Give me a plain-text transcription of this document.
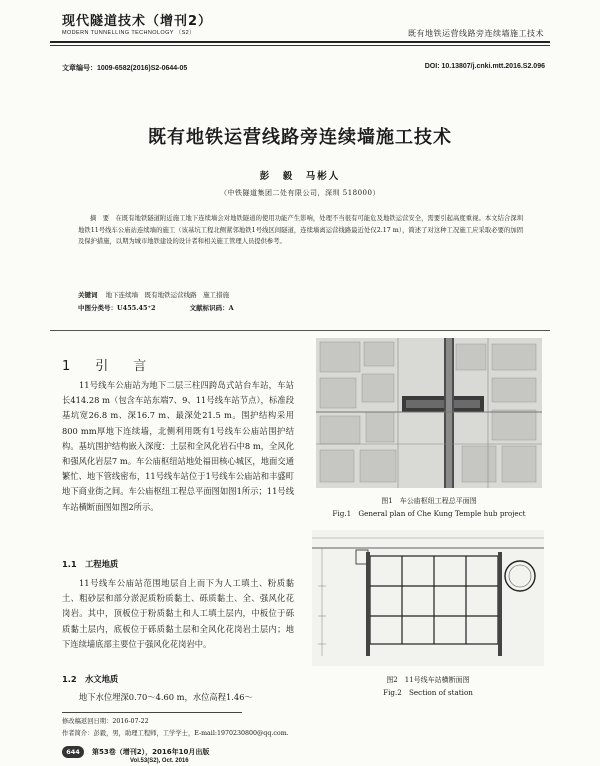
现代隧道技术（增刊2）
MODERN TUNNELLING TECHNOLOGY （S2）	既有地铁运营线路旁连续墙施工技术
文章编号：1009-6582(2016)S2-0644-05	DOI: 10.13807/j.cnki.mtt.2016.S2.096
既有地铁运营线路旁连续墙施工技术
彭　毅　马彬人
（中铁隧道集团二处有限公司，深圳 518000）
摘　要　在既有地铁隧道附近施工地下连续墙会对地铁隧道的使用功能产生影响，处理不当很有可能危及地铁运营安全，需要引起高度重视。本文结合深圳地铁11号线车公庙站连续墙的施工（该基坑工程北侧紧邻地铁1号线区间隧道，连续墙离运营线路最近处仅2.17 m），简述了对这种工况施工应采取必要的加固及保护措施，以期为城市地铁建设的设计者和相关施工管理人员提供参考。
关键词 地下连续墙　既有地铁运营线路　施工措施
中图分类号：U455.45⁺2	文献标识码：A
1　引　言
11号线车公庙站为地下二层三柱四跨岛式站台车站，车站长414.28 m（包含车站东端7、9、11号线车站节点），标准段基坑宽26.8 m、深16.7 m、最深处21.5 m。围护结构采用800 mm厚地下连续墙，北侧利用既有1号线车公庙站围护结构。基坑围护结构嵌入深度：土层和全风化岩石中8 m，全风化和强风化岩层7 m。车公庙枢纽站地处福田核心城区，地面交通繁忙、地下管线密布，11号线车站位于1号线车公庙站和丰盛町地下商业街之间。车公庙枢纽工程总平面图如图1所示；11号线车站横断面图如图2所示。
1.1　工程地质
11号线车公庙站范围地层自上而下为人工填土、粉质黏土、粗砂层和部分淤泥质粉质黏土、砾质黏土、全、强风化花岗岩。其中，顶板位于粉质黏土和人工填土层内，中板位于砾质黏土层内，底板位于砾质黏土层和全风化花岗岩土层内；地下连续墙底部主要位于强风化花岗岩中。
1.2　水文地质
地下水位埋深0.70～4.60 m，水位高程1.46～
图1　车公庙枢纽工程总平面图
Fig.1　General plan of Che Kung Temple hub project
图2　11号线车站横断面图
Fig.2　Section of station
修改稿返回日期：2016-07-22
作者简介：彭毅，男，助理工程师，工学学士，E-mail:1970230800@qq.com.
644	第53卷（增刊2），2016年10月出版
Vol.53(S2), Oct. 2016
